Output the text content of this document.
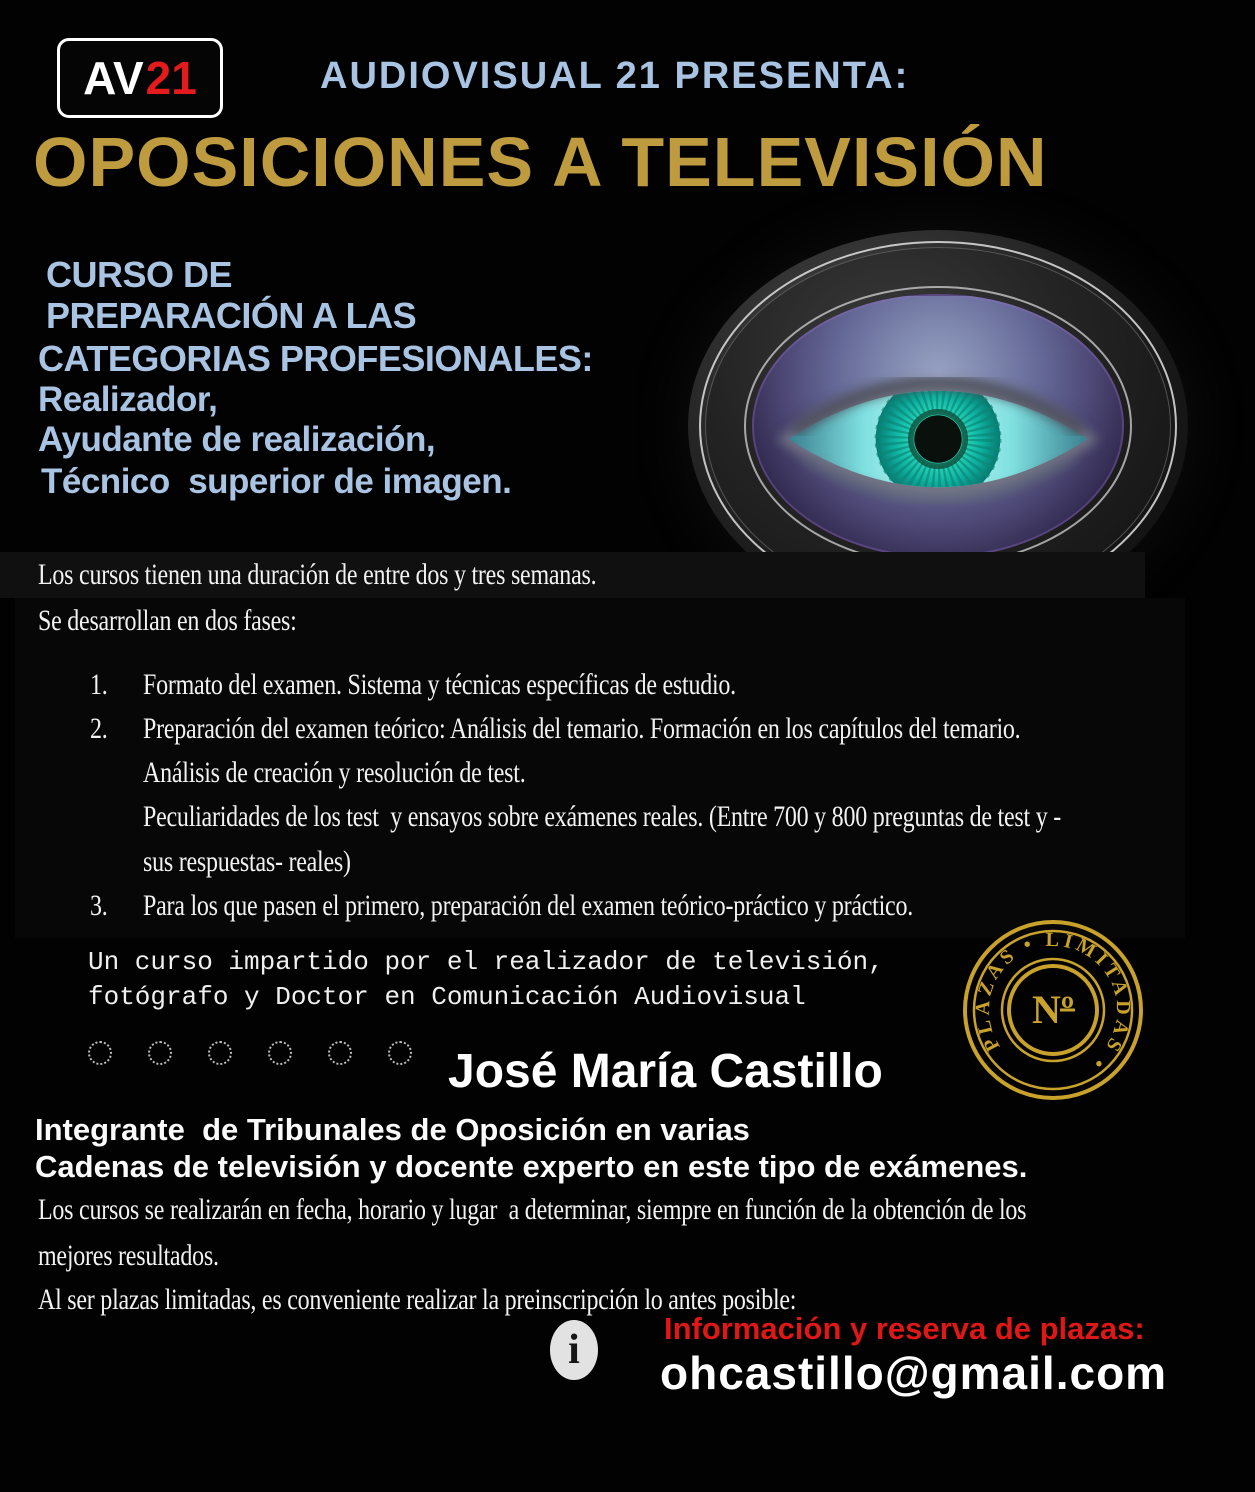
AV 21	AUDIOVISUAL 21 PRESENTA:
OPOSICIONES A TELEVISIÓN
CURSO DE
PREPARACIÓN A LAS
CATEGORIAS PROFESIONALES:
Realizador,
Ayudante de realización,
Técnico  superior de imagen.
Los cursos tienen una duración de entre dos y tres semanas.
Se desarrollan en dos fases:
1. Formato del examen. Sistema y técnicas específicas de estudio.
2. Preparación del examen teórico: Análisis del temario. Formación en los capítulos del temario.
Análisis de creación y resolución de test.
Peculiaridades de los test  y ensayos sobre exámenes reales. (Entre 700 y 800 preguntas de test y -
sus respuestas- reales)
3. Para los que pasen el primero, preparación del examen teórico-práctico y práctico.
Un curso impartido por el realizador de televisión,
fotógrafo y Doctor en Comunicación Audiovisual
PLAZAS • LIMITADAS •
Nº
José María Castillo
Integrante  de Tribunales de Oposición en varias
Cadenas de televisión y docente experto en este tipo de exámenes.
Los cursos se realizarán en fecha, horario y lugar  a determinar, siempre en función de la obtención de los
mejores resultados.
Al ser plazas limitadas, es conveniente realizar la preinscripción lo antes posible:
i	Información y reserva de plazas:
ohcastillo@gmail.com
